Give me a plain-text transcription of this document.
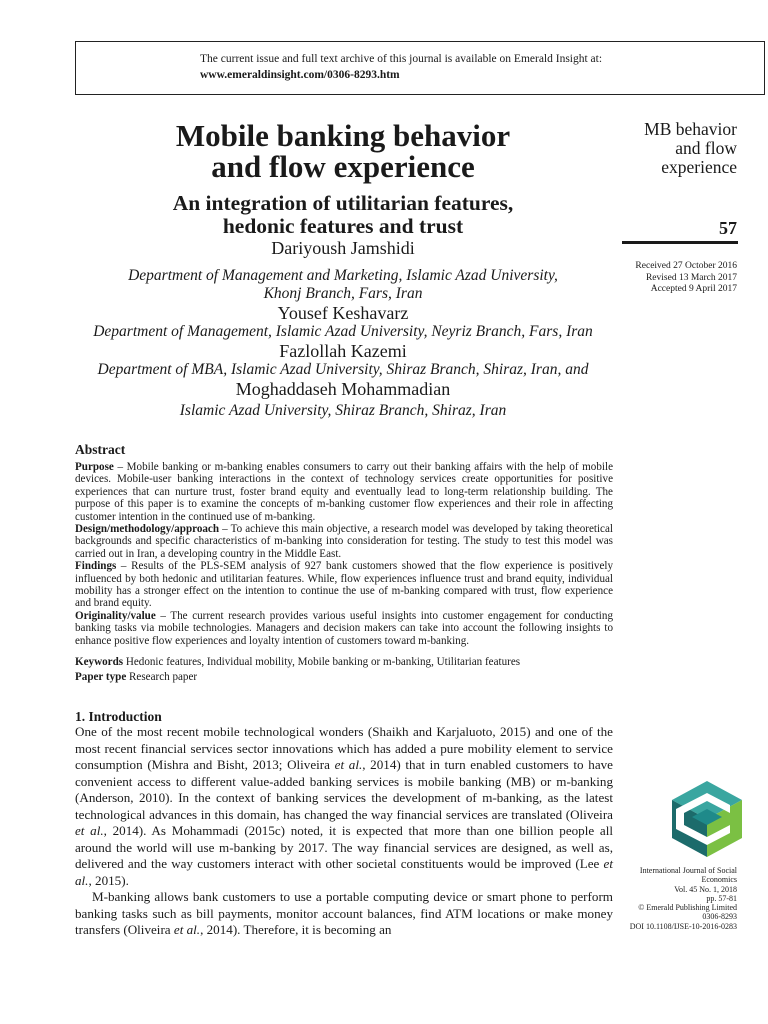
The current issue and full text archive of this journal is available on Emerald Insight at:
www.emeraldinsight.com/0306-8293.htm
Mobile banking behavior
and flow experience
An integration of utilitarian features,
hedonic features and trust
Dariyoush Jamshidi
Department of Management and Marketing, Islamic Azad University,
Khonj Branch, Fars, Iran
Yousef Keshavarz
Department of Management, Islamic Azad University, Neyriz Branch, Fars, Iran
Fazlollah Kazemi
Department of MBA, Islamic Azad University, Shiraz Branch, Shiraz, Iran, and
Moghaddaseh Mohammadian
Islamic Azad University, Shiraz Branch, Shiraz, Iran
MB behavior
and flow
experience
57
Received 27 October 2016
Revised 13 March 2017
Accepted 9 April 2017
Abstract

Purpose – Mobile banking or m-banking enables consumers to carry out their banking affairs with the help of mobile devices. Mobile-user banking interactions in the context of technology services create opportunities for positive experiences that can nurture trust, foster brand equity and eventually lead to long-term relationship building. The purpose of this paper is to examine the concepts of m-banking customer flow experiences and their role in affecting customer intention in the continued use of m-banking.

Design/methodology/approach – To achieve this main objective, a research model was developed by taking theoretical backgrounds and specific characteristics of m-banking into consideration for testing. The study to test this model was carried out in Iran, a developing country in the Middle East.

Findings – Results of the PLS-SEM analysis of 927 bank customers showed that the flow experience is positively influenced by both hedonic and utilitarian features. While, flow experiences influence trust and brand equity, individual mobility has a stronger effect on the intention to continue the use of m-banking compared with trust, flow experience and brand equity.

Originality/value – The current research provides various useful insights into customer engagement for conducting banking tasks via mobile technologies. Managers and decision makers can take into account the following insights to enhance positive flow experiences and loyalty intention of customers toward m-banking.

Keywords Hedonic features, Individual mobility, Mobile banking or m-banking, Utilitarian features
Paper type Research paper
1. Introduction

One of the most recent mobile technological wonders (Shaikh and Karjaluoto, 2015) and one of the most recent financial services sector innovations which has added a pure mobility element to service consumption (Mishra and Bisht, 2013; Oliveira et al., 2014) that in turn enabled customers to have convenient access to different value-added banking services is mobile banking (MB) or m-banking (Anderson, 2010). In the context of banking services the development of m-banking, as the latest technological advances in this domain, has changed the way financial services are translated (Oliveira et al., 2014). As Mohammadi (2015c) noted, it is expected that more than one billion people all around the world will use m-banking by 2017. The way financial services are designed, as well as, delivered and the way customers interact with other societal constituents would be improved (Lee et al., 2015).

M-banking allows bank customers to use a portable computing device or smart phone to perform banking tasks such as bill payments, monitor account balances, find ATM locations or make money transfers (Oliveira et al., 2014). Therefore, it is becoming an

International Journal of Social
Economics
Vol. 45 No. 1, 2018
pp. 57-81
© Emerald Publishing Limited
0306-8293
DOI 10.1108/IJSE-10-2016-0283
